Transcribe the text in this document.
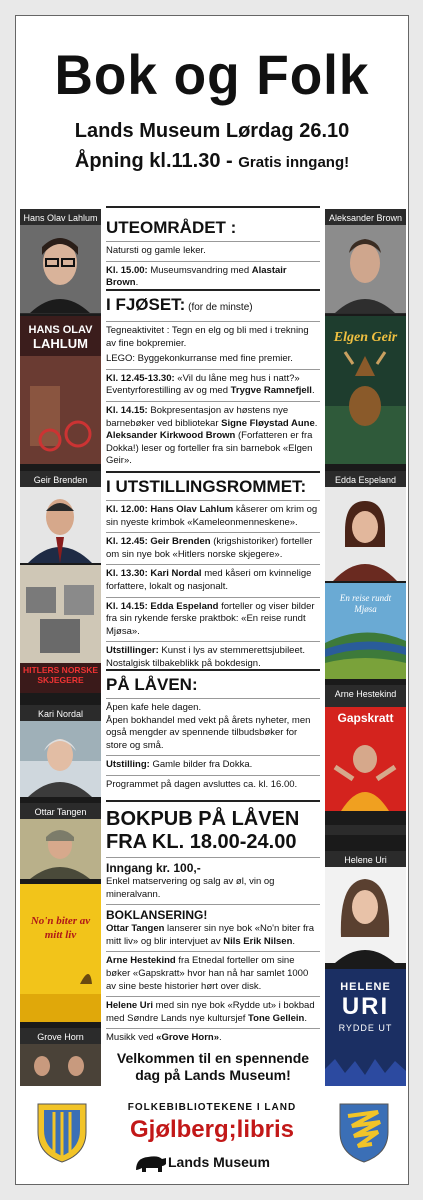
Bok og Folk
Lands Museum Lørdag 26.10
Åpning kl.11.30 - Gratis inngang!
Hans Olav Lahlum
HANS OLAV
LAHLUM
Geir Brenden
HITLERS NORSKE SKJEGERE
Kari Nordal
Ottar Tangen
No'n biter av mitt liv
Grove Horn
Aleksander Brown
Elgen Geir
Edda Espeland
En reise rundt Mjøsa
Arne Hestekind
Gapskratt
Helene Uri
HELENE
URI
RYDDE UT
UTEOMRÅDET :

Natursti og gamle leker.

Kl. 15.00: Museumsvandring med Alastair Brown.

I FJØSET: (for de minste)

Tegneaktivitet : Tegn en elg og bli med i trekning av fine bokpremier.

LEGO: Byggekonkurranse med fine premier.

Kl. 12.45-13.30: «Vil du låne meg hus i natt?» Eventyrforestilling av og med Trygve Ramnefjell.

Kl. 14.15: Bokpresentasjon av høstens nye barnebøker ved bibliotekar Signe Fløystad Aune.

Aleksander Kirkwood Brown (Forfatteren er fra Dokka!) leser og forteller fra sin barnebok «Elgen Geir».

I UTSTILLINGSROMMET:

Kl. 12.00: Hans Olav Lahlum kåserer om krim og sin nyeste krimbok «Kameleonmenneskene».

Kl. 12.45: Geir Brenden (krigshistoriker) forteller om sin nye bok «Hitlers norske skjegere».

Kl. 13.30: Kari Nordal med kåseri om kvinnelige forfattere, lokalt og nasjonalt.

Kl. 14.15: Edda Espeland forteller og viser bilder fra sin rykende ferske praktbok: «En reise rundt Mjøsa».

Utstillinger: Kunst i lys av stemmerettsjubileet. Nostalgisk tilbakeblikk på bokdesign.

PÅ LÅVEN:

Åpen kafe hele dagen.

Åpen bokhandel med vekt på årets nyheter, men også mengder av spennende tilbudsbøker for store og små.

Utstilling: Gamle bilder fra Dokka.

Programmet på dagen avsluttes ca. kl. 16.00.

BOKPUB PÅ LÅVEN
FRA KL. 18.00-24.00
Inngang kr. 100,-

Enkel matservering og salg av øl, vin og mineralvann.

BOKLANSERING!

Ottar Tangen lanserer sin nye bok «No'n biter fra mitt liv» og blir intervjuet av Nils Erik Nilsen.

Arne Hestekind fra Etnedal forteller om sine bøker «Gapskratt» hvor han nå har samlet 1000 av sine beste historier hørt over disk.

Helene Uri med sin nye bok «Rydde ut» i bokbad med Søndre Lands nye kultursjef Tone Gellein.

Musikk ved «Grove Horn».

Velkommen til en spennende
dag på Lands Museum!
FOLKEBIBLIOTEKENE I LAND
Gjølberg;libris
Lands Museum
